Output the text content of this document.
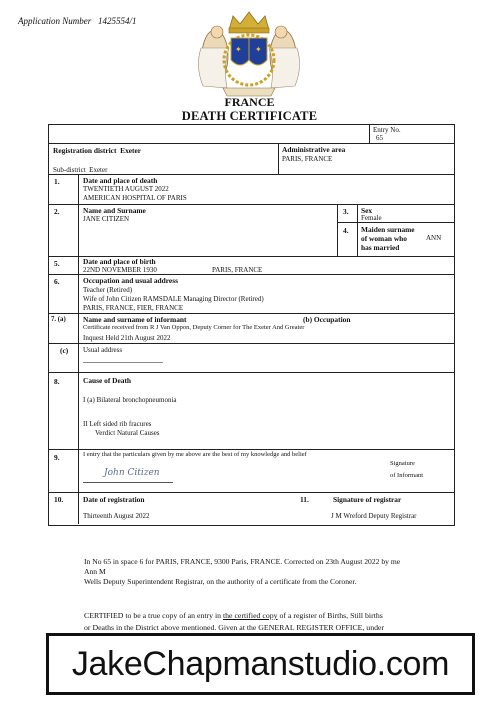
Application Number 1425554/1
✦ ✦
FRANCE
DEATH CERTIFICATE
Entry No.
65
Registration district Exeter	Administrative area
PARIS, FRANCE
Sub-district Exeter
1.	Date and place of death
TWENTIETH AUGUST 2022
AMERICAN HOSPITAL OF PARIS
2.	Name and Surname
JANE CITIZEN
3. Sex
Female
4. Maiden surname
of woman who
has married
ANN
5.	Date and place of birth
22ND NOVEMBER 1930	PARIS, FRANCE
6.	Occupation and usual address
Teacher (Retired)
Wife of John Citizen RAMSDALE Managing Director (Retired)
PARIS, FRANCE, FIER, FRANCE
7. (a) Name and surname of informant	(b) Occupation
Certificate received from R J Van Oppon, Deputy Corner for The Exeter And Greater
Inquest Held 21th August 2022
(c) Usual address
8.	Cause of Death
I (a) Bilateral bronchopneumonia
II Left sided rib fracures
Verdict Natural Causes
9.	I entry that the particulars given by me above are the best of my knowledge and belief
John Citizen
Signature
of Informant
10.	Date of registration
Thirteenth August 2022
11.	Signature of registrar
J M Wreford Deputy Registrar
In No 65 in space 6 for PARIS, FRANCE, 9300 Paris, FRANCE. Corrected on 23th August 2022 by me
Ann M
Wells Deputy Superintendent Registrar, on the authority of a certificate from the Coroner.
CERTIFIED to be a true copy of an entry in the certified copy of a register of Births, Still births
or Deaths in the District above mentioned. Given at the GENERAL REGISTER OFFICE, under
JakeChapmanstudio.com
